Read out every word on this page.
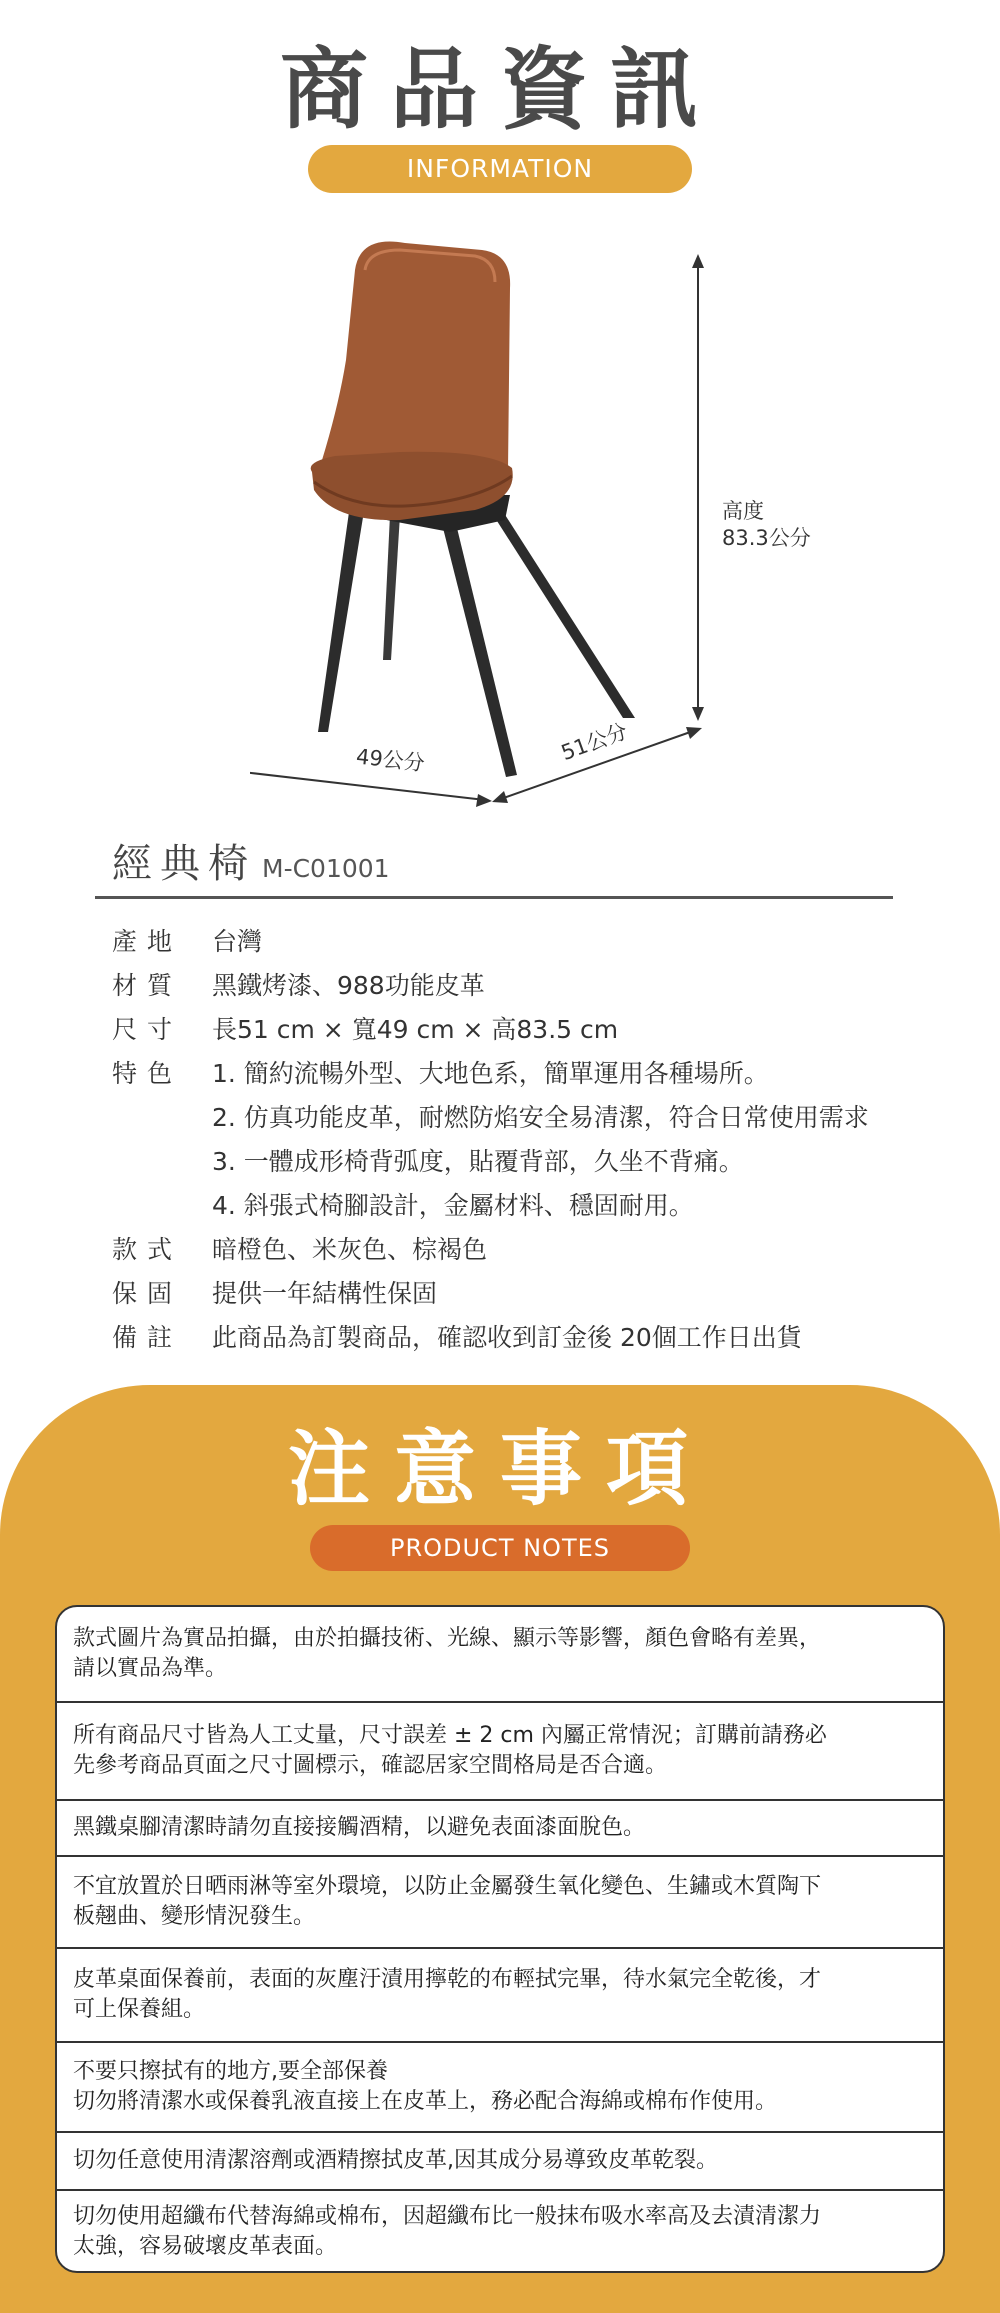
商品資訊
INFORMATION
高度
83.3公分
49公分	51公分
經典椅 M-C01001
產地	台灣
材質	黑鐵烤漆、988功能皮革
尺寸	長51 cm × 寬49 cm × 高83.5 cm
特色	1. 簡約流暢外型、大地色系，簡單運用各種場所。
2. 仿真功能皮革，耐燃防焰安全易清潔，符合日常使用需求
3. 一體成形椅背弧度，貼覆背部，久坐不背痛。
4. 斜張式椅腳設計，金屬材料、穩固耐用。
款式	暗橙色、米灰色、棕褐色
保固	提供一年結構性保固
備註	此商品為訂製商品，確認收到訂金後 20個工作日出貨
注意事項
PRODUCT NOTES
款式圖片為實品拍攝，由於拍攝技術、光線、顯示等影響，顏色會略有差異，
請以實品為準。
所有商品尺寸皆為人工丈量，尺寸誤差 ± 2 cm 內屬正常情況；訂購前請務必
先參考商品頁面之尺寸圖標示，確認居家空間格局是否合適。
黑鐵桌腳清潔時請勿直接接觸酒精，以避免表面漆面脫色。
不宜放置於日晒雨淋等室外環境，以防止金屬發生氧化變色、生鏽或木質陶下
板翹曲、變形情況發生。
皮革桌面保養前，表面的灰塵汙漬用擰乾的布輕拭完畢，待水氣完全乾後，才
可上保養組。
不要只擦拭有的地方,要全部保養
切勿將清潔水或保養乳液直接上在皮革上，務必配合海綿或棉布作使用。
切勿任意使用清潔溶劑或酒精擦拭皮革,因其成分易導致皮革乾裂。
切勿使用超纖布代替海綿或棉布，因超纖布比一般抹布吸水率高及去漬清潔力
太強，容易破壞皮革表面。
